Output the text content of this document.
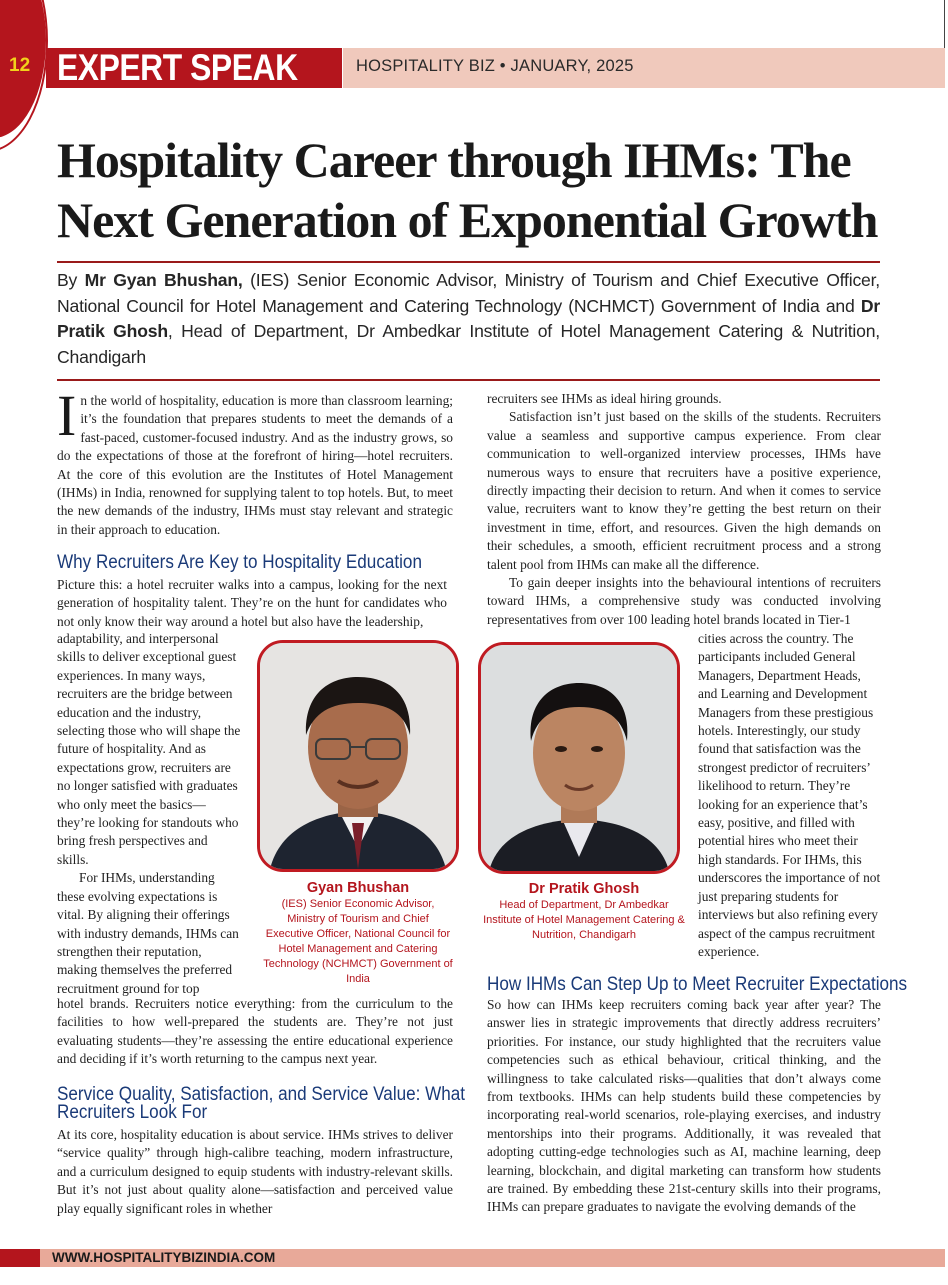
12 EXPERT SPEAK	HOSPITALITY BIZ • JANUARY, 2025
Hospitality Career through IHMs: The Next Generation of Exponential Growth

By Mr Gyan Bhushan, (IES) Senior Economic Advisor, Ministry of Tourism and Chief Executive Officer, National Council for Hotel Management and Catering Technology (NCHMCT) Government of India and Dr Pratik Ghosh, Head of Department, Dr Ambedkar Institute of Hotel Management Catering & Nutrition, Chandigarh

In the world of hospitality, education is more than classroom learning; it’s the foundation that prepares students to meet the demands of a fast-paced, customer-focused industry. And as the industry grows, so do the expectations of those at the forefront of hiring—hotel recruiters. At the core of this evolution are the Institutes of Hotel Management (IHMs) in India, renowned for supplying talent to top hotels. But, to meet the new demands of the industry, IHMs must stay relevant and strategic in their approach to education.
Why Recruiters Are Key to Hospitality Education
Picture this: a hotel recruiter walks into a campus, looking for the next generation of hospitality talent. They’re on the hunt for candidates who not only know their way around a hotel but also have the leadership,

adaptability, and interpersonal skills to deliver exceptional guest experiences. In many ways, recruiters are the bridge between education and the industry, selecting those who will shape the future of hospitality. And as expectations grow, recruiters are no longer satisfied with graduates who only meet the basics—they’re looking for standouts who bring fresh perspectives and skills.

For IHMs, understanding these evolving expectations is vital. By aligning their offerings with industry demands, IHMs can strengthen their reputation, making themselves the preferred recruitment ground for top

hotel brands. Recruiters notice everything: from the curriculum to the facilities to how well-prepared the students are. They’re not just evaluating students—they’re assessing the entire educational experience and deciding if it’s worth returning to the campus next year.
Service Quality, Satisfaction, and Service Value: What
Recruiters Look For
At its core, hospitality education is about service. IHMs strives to deliver “service quality” through high-calibre teaching, modern infrastructure, and a curriculum designed to equip students with industry-relevant skills. But it’s not just about quality alone—satisfaction and perceived value play equally significant roles in whether
Gyan Bhushan
(IES) Senior Economic Advisor, Ministry of Tourism and Chief Executive Officer, National Council for Hotel Management and Catering Technology (NCHMCT) Government of India
Dr Pratik Ghosh
Head of Department, Dr Ambedkar Institute of Hotel Management Catering & Nutrition, Chandigarh

recruiters see IHMs as ideal hiring grounds.

Satisfaction isn’t just based on the skills of the students. Recruiters value a seamless and supportive campus experience. From clear communication to well-organized interview processes, IHMs have numerous ways to ensure that recruiters have a positive experience, directly impacting their decision to return. And when it comes to service value, recruiters want to know they’re getting the best return on their investment in time, effort, and resources. Given the high demands on their schedules, a smooth, efficient recruitment process and a strong talent pool from IHMs can make all the difference.

To gain deeper insights into the behavioural intentions of recruiters toward IHMs, a comprehensive study was conducted involving representatives from over 100 leading hotel brands located in Tier-1

cities across the country. The participants included General Managers, Department Heads, and Learning and Development Managers from these prestigious hotels. Interestingly, our study found that satisfaction was the strongest predictor of recruiters’ likelihood to return. They’re looking for an experience that’s easy, positive, and filled with potential hires who meet their high standards. For IHMs, this underscores the importance of not just preparing students for interviews but also refining every aspect of the campus recruitment experience.
How IHMs Can Step Up to Meet Recruiter Expectations
So how can IHMs keep recruiters coming back year after year? The answer lies in strategic improvements that directly address recruiters’ priorities. For instance, our study highlighted that the recruiters value competencies such as ethical behaviour, critical thinking, and the willingness to take calculated risks—qualities that don’t always come from textbooks. IHMs can help students build these competencies by incorporating real-world scenarios, role-playing exercises, and industry mentorships into their programs. Additionally, it was revealed that adopting cutting-edge technologies such as AI, machine learning, deep learning, blockchain, and digital marketing can transform how students are trained. By embedding these 21st-century skills into their programs, IHMs can prepare graduates to navigate the evolving demands of the
WWW.HOSPITALITYBIZINDIA.COM
